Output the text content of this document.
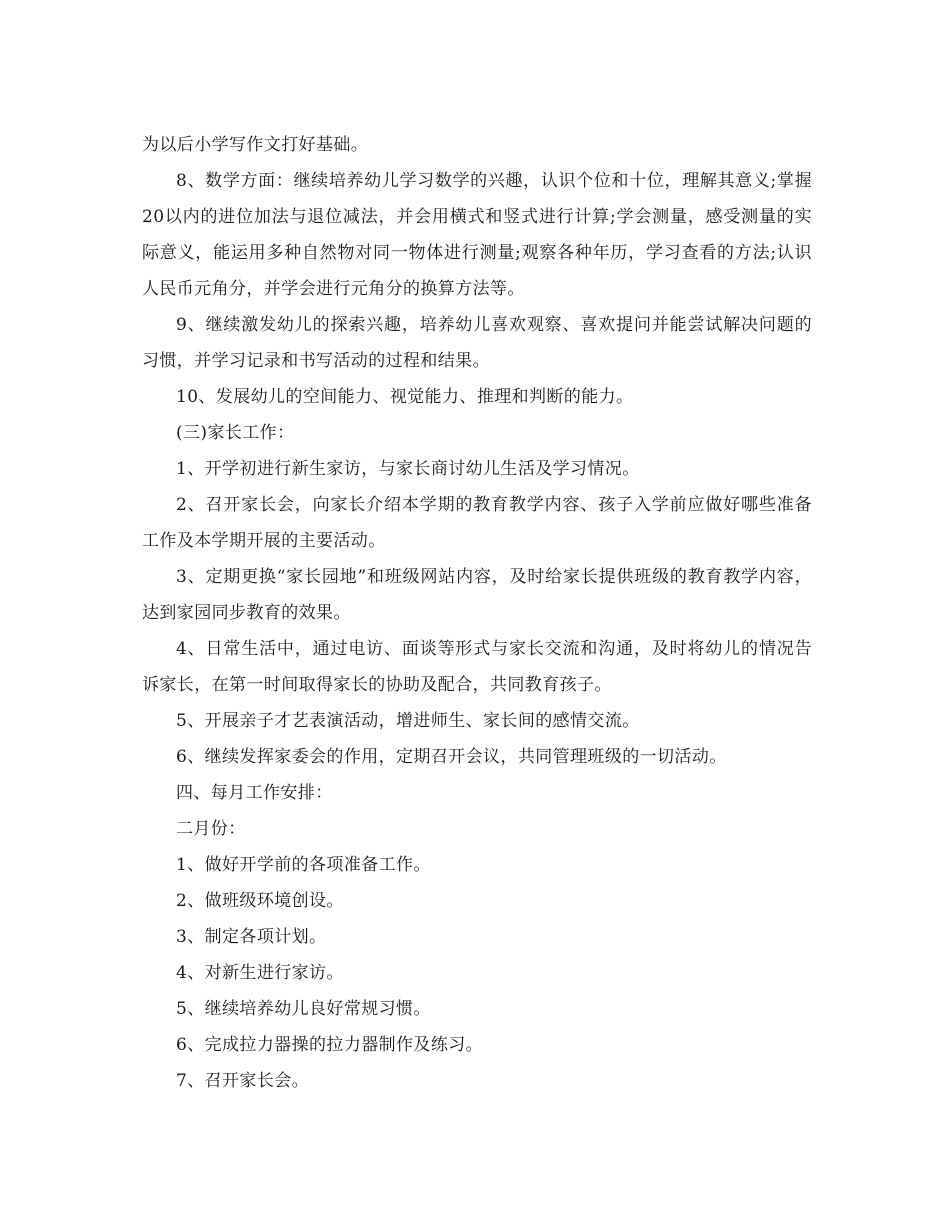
为以后小学写作文打好基础。

8、数学方面：继续培养幼儿学习数学的兴趣，认识个位和十位，理解其意义;掌握20以内的进位加法与退位减法，并会用横式和竖式进行计算;学会测量，感受测量的实际意义，能运用多种自然物对同一物体进行测量;观察各种年历，学习查看的方法;认识人民币元角分，并学会进行元角分的换算方法等。

9、继续激发幼儿的探索兴趣，培养幼儿喜欢观察、喜欢提问并能尝试解决问题的习惯，并学习记录和书写活动的过程和结果。

10、发展幼儿的空间能力、视觉能力、推理和判断的能力。

(三)家长工作：

1、开学初进行新生家访，与家长商讨幼儿生活及学习情况。

2、召开家长会，向家长介绍本学期的教育教学内容、孩子入学前应做好哪些准备工作及本学期开展的主要活动。

3、定期更换“家长园地”和班级网站内容，及时给家长提供班级的教育教学内容，达到家园同步教育的效果。

4、日常生活中，通过电访、面谈等形式与家长交流和沟通，及时将幼儿的情况告诉家长，在第一时间取得家长的协助及配合，共同教育孩子。

5、开展亲子才艺表演活动，增进师生、家长间的感情交流。

6、继续发挥家委会的作用，定期召开会议，共同管理班级的一切活动。

四、每月工作安排：

二月份：

1、做好开学前的各项准备工作。

2、做班级环境创设。

3、制定各项计划。

4、对新生进行家访。

5、继续培养幼儿良好常规习惯。

6、完成拉力器操的拉力器制作及练习。

7、召开家长会。
